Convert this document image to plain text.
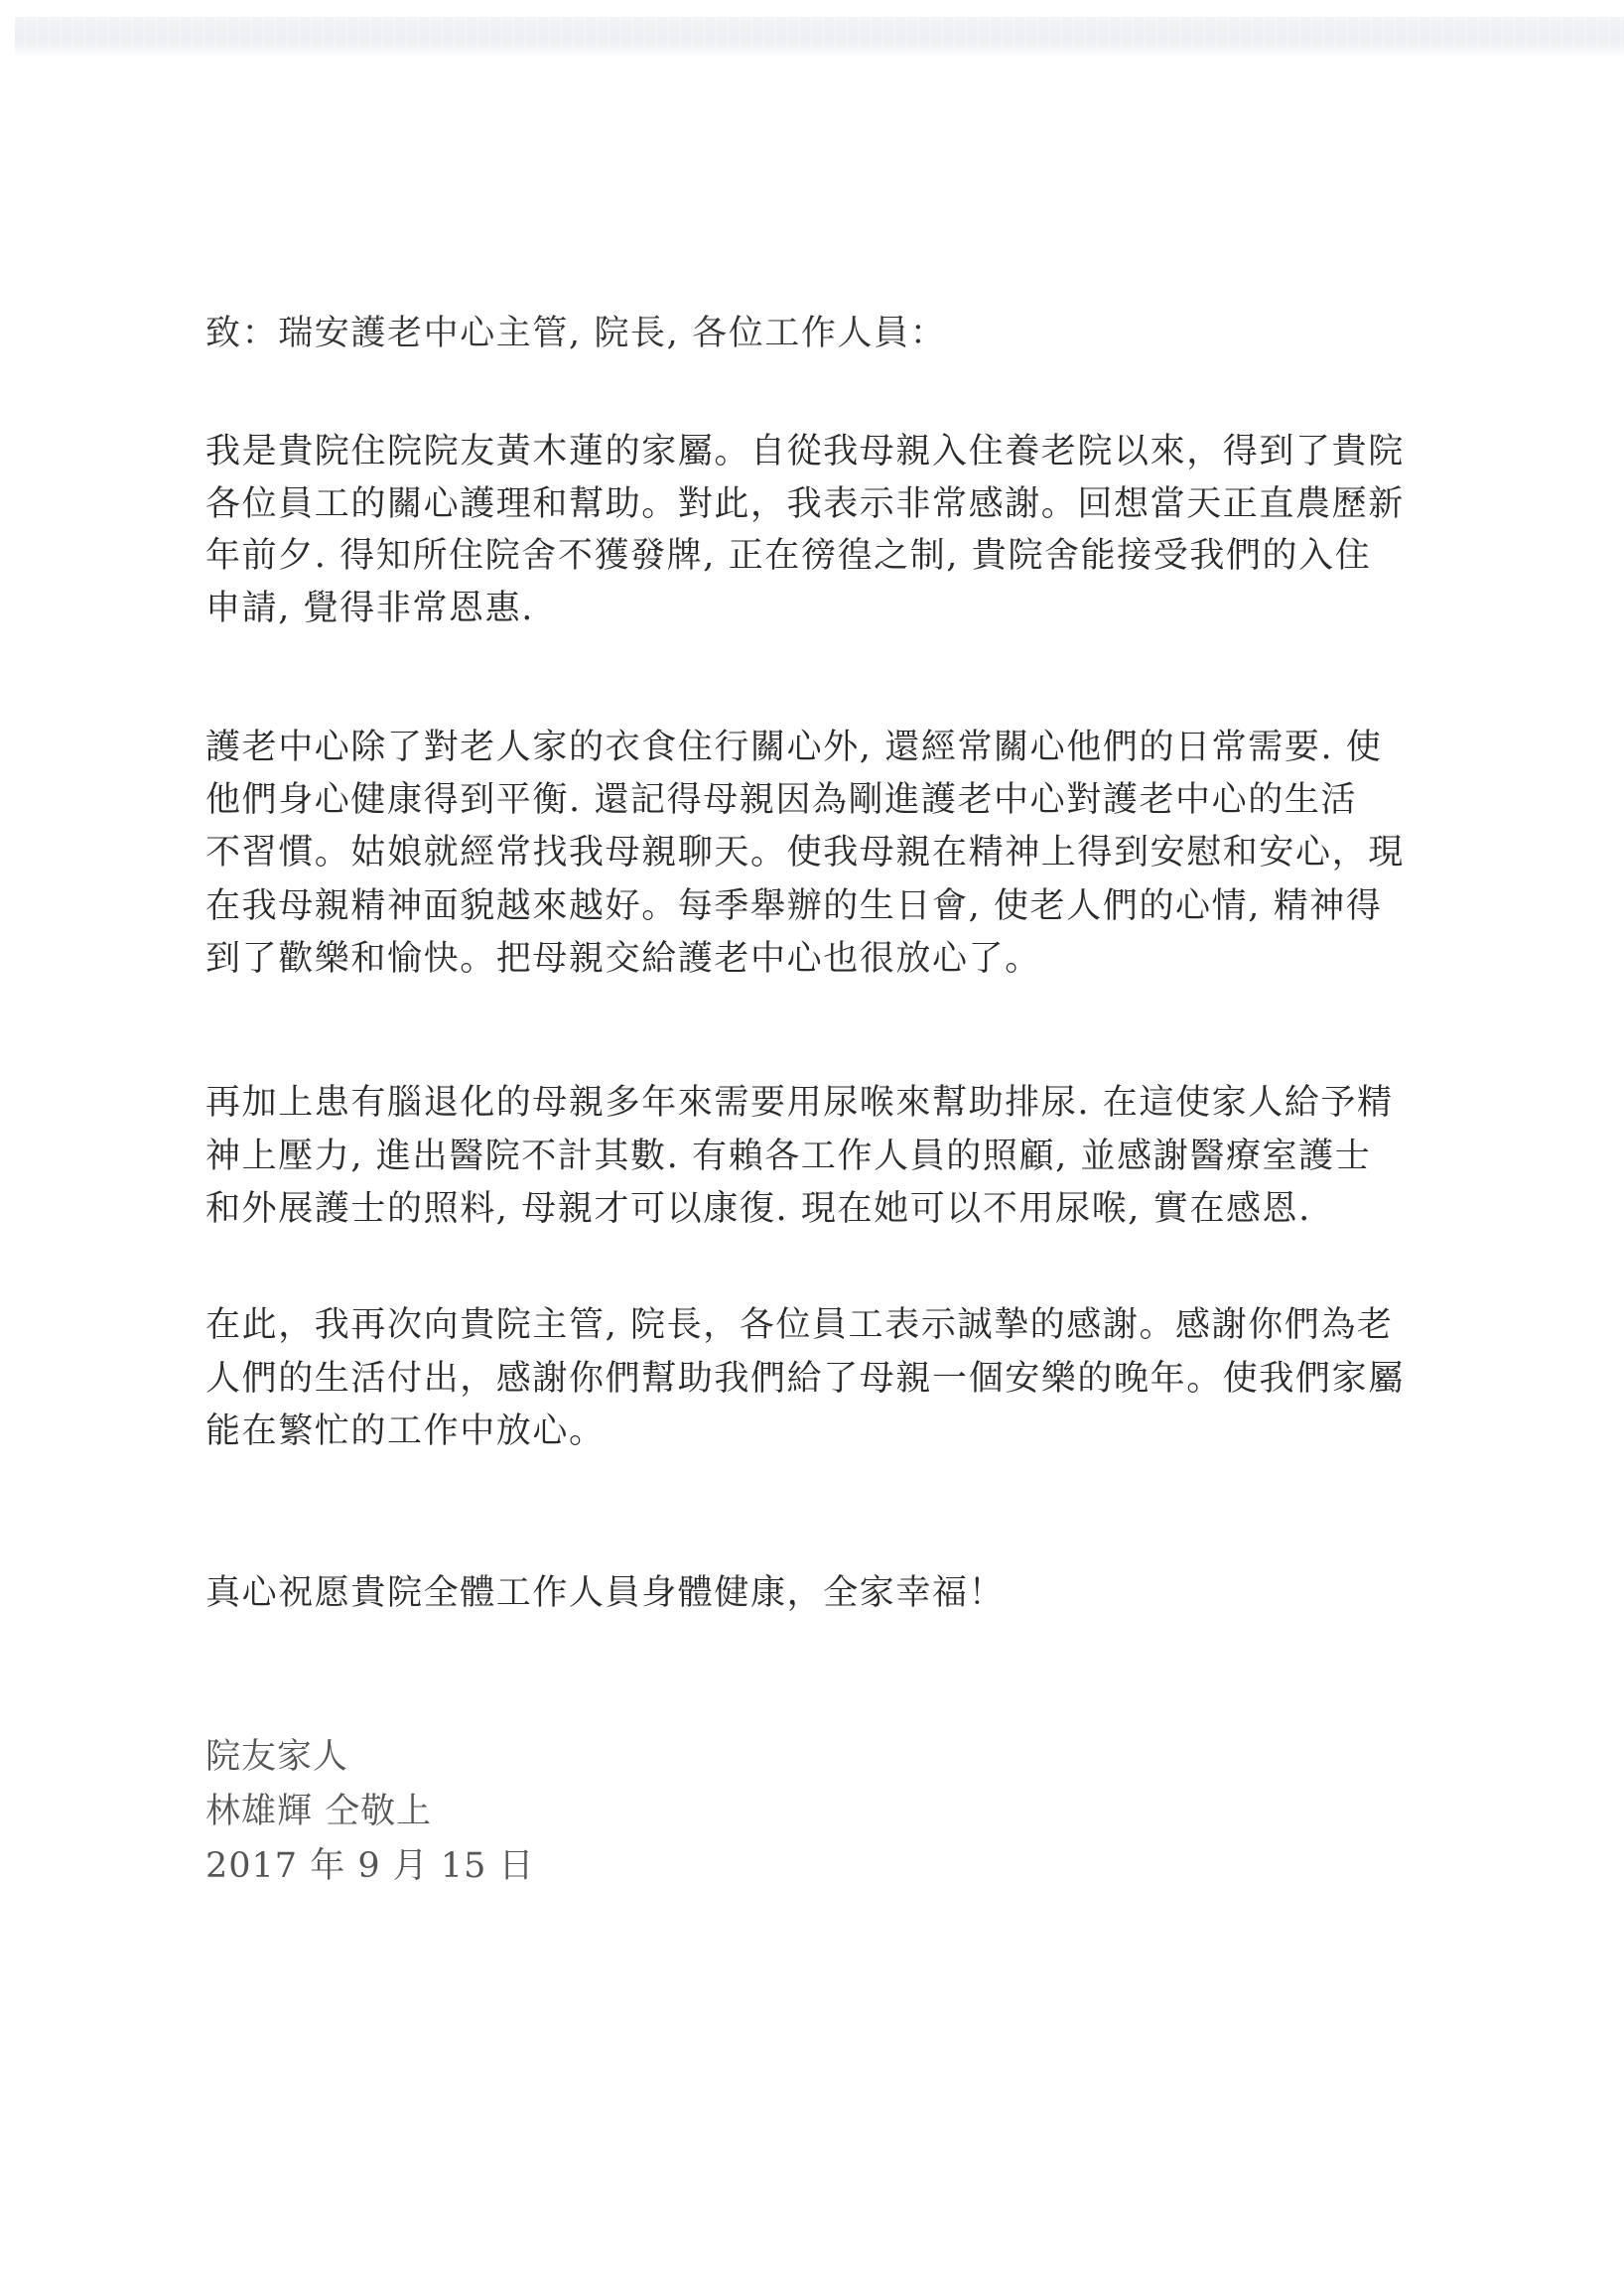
致：瑞安護老中心主管, 院長, 各位工作人員：
我是貴院住院院友黃木蓮的家屬。自從我母親入住養老院以來，得到了貴院
各位員工的關心護理和幫助。對此，我表示非常感謝。回想當天正直農歷新
年前夕. 得知所住院舍不獲發牌, 正在徬徨之制, 貴院舍能接受我們的入住
申請, 覺得非常恩惠.
護老中心除了對老人家的衣食住行關心外, 還經常關心他們的日常需要. 使
他們身心健康得到平衡. 還記得母親因為剛進護老中心對護老中心的生活
不習慣。姑娘就經常找我母親聊天。使我母親在精神上得到安慰和安心，現
在我母親精神面貌越來越好。每季舉辦的生日會, 使老人們的心情, 精神得
到了歡樂和愉快。把母親交給護老中心也很放心了。
再加上患有腦退化的母親多年來需要用尿喉來幫助排尿. 在這使家人給予精
神上壓力, 進出醫院不計其數. 有賴各工作人員的照顧, 並感謝醫療室護士
和外展護士的照料, 母親才可以康復. 現在她可以不用尿喉, 實在感恩.
在此，我再次向貴院主管, 院長，各位員工表示誠摯的感謝。感謝你們為老
人們的生活付出，感謝你們幫助我們給了母親一個安樂的晚年。使我們家屬
能在繁忙的工作中放心。
真心祝愿貴院全體工作人員身體健康，全家幸福！
院友家人
林雄輝 仝敬上
2017 年 9 月 15 日
